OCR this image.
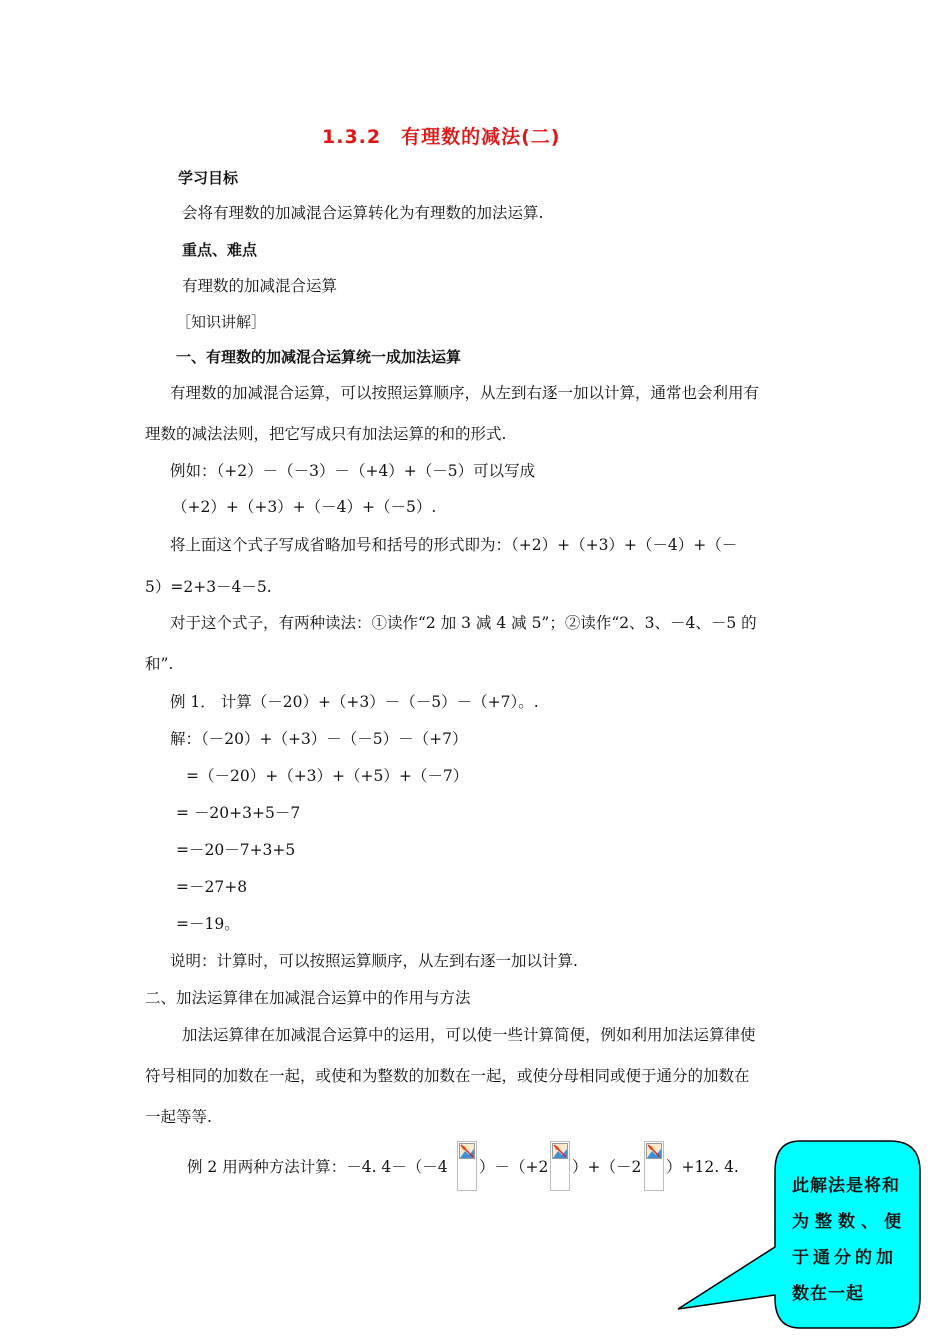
1.3.2　有理数的减法(二)
学习目标
会将有理数的加减混合运算转化为有理数的加法运算.
重点、难点
有理数的加减混合运算
［知识讲解］
一、有理数的加减混合运算统一成加法运算
有理数的加减混合运算，可以按照运算顺序，从左到右逐一加以计算，通常也会利用有
理数的减法法则，把它写成只有加法运算的和的形式.
例如：（+2）－（－3）－（+4）+（－5）可以写成
（+2）+（+3）+（－4）+（－5）.
将上面这个式子写成省略加号和括号的形式即为：（+2）+（+3）+（－4）+（－
5）=2+3－4－5.
对于这个式子，有两种读法：①读作“2 加 3 减 4 减 5”；②读作“2、3、－4、－5 的
和”.
例 1． 计算（－20）+（+3）－（－5）－（+7）。.
解：（－20）+（+3）－（－5）－（+7）
=（－20）+（+3）+（+5）+（－7）
= －20+3+5－7
=－20－7+3+5
=－27+8
=－19。
说明：计算时，可以按照运算顺序，从左到右逐一加以计算.
二、加法运算律在加减混合运算中的作用与方法
加法运算律在加减混合运算中的运用，可以使一些计算简便，例如利用加法运算律使
符号相同的加数在一起，或使和为整数的加数在一起，或使分母相同或便于通分的加数在
一起等等.
例 2 用两种方法计算：－4. 4－（－4 ）－（+2 ）+（－2 ）+12. 4.
此解法是将和
为整数、便
于通分的加
数在一起
